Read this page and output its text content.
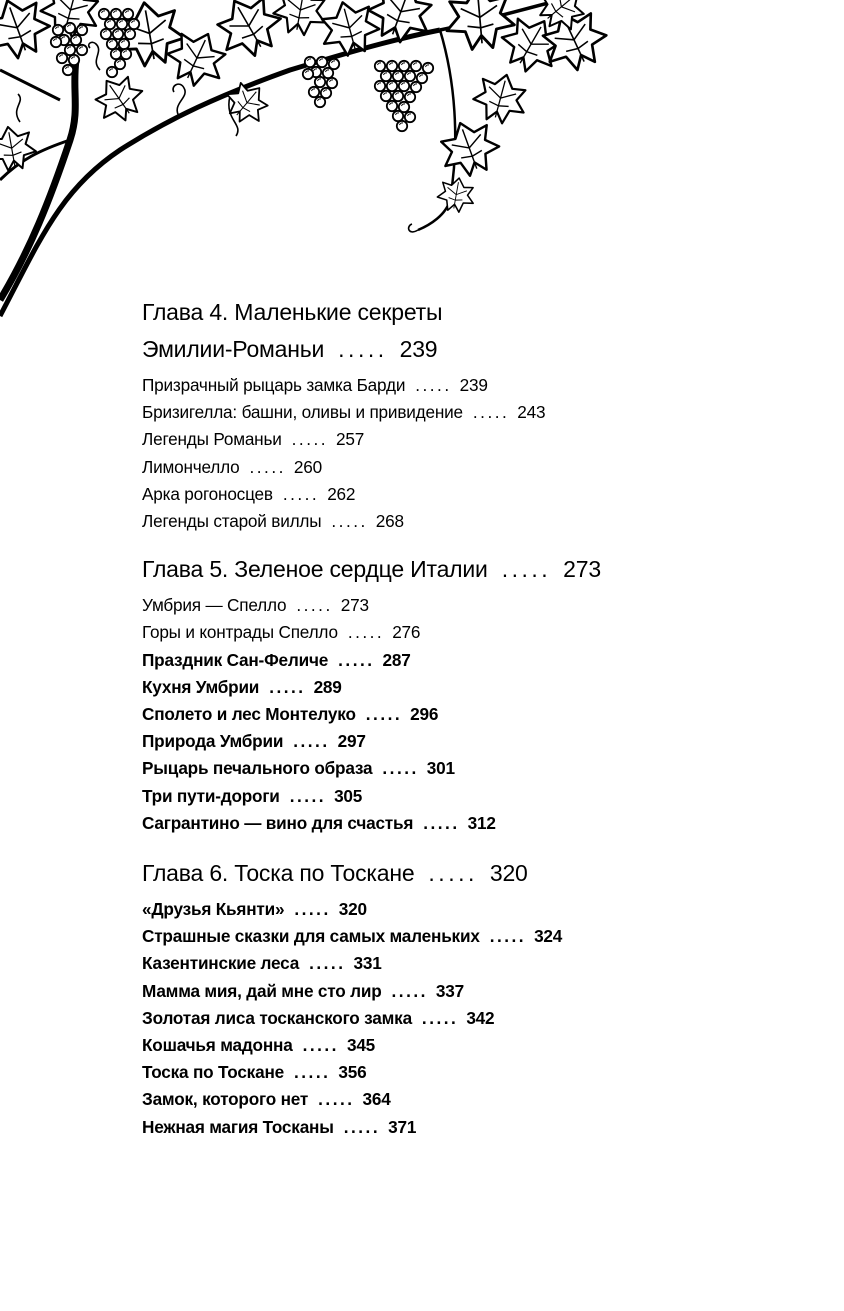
Глава 4. Маленькие секреты
Эмилии-Романьи ..... 239
Призрачный рыцарь замка Барди ..... 239
Бризигелла: башни, оливы и привидение ..... 243
Легенды Романьи ..... 257
Лимончелло ..... 260
Арка рогоносцев ..... 262
Легенды старой виллы ..... 268
Глава 5. Зеленое сердце Италии ..... 273
Умбрия — Спелло ..... 273
Горы и контрады Спелло ..... 276
Праздник Сан-Феличе ..... 287
Кухня Умбрии ..... 289
Сполето и лес Монтелуко ..... 296
Природа Умбрии ..... 297
Рыцарь печального образа ..... 301
Три пути-дороги ..... 305
Сагрантино — вино для счастья ..... 312
Глава 6. Тоска по Тоскане ..... 320
«Друзья Кьянти» ..... 320
Страшные сказки для самых маленьких ..... 324
Казентинские леса ..... 331
Мамма мия, дай мне сто лир ..... 337
Золотая лиса тосканского замка ..... 342
Кошачья мадонна ..... 345
Тоска по Тоскане ..... 356
Замок, которого нет ..... 364
Нежная магия Тосканы ..... 371
